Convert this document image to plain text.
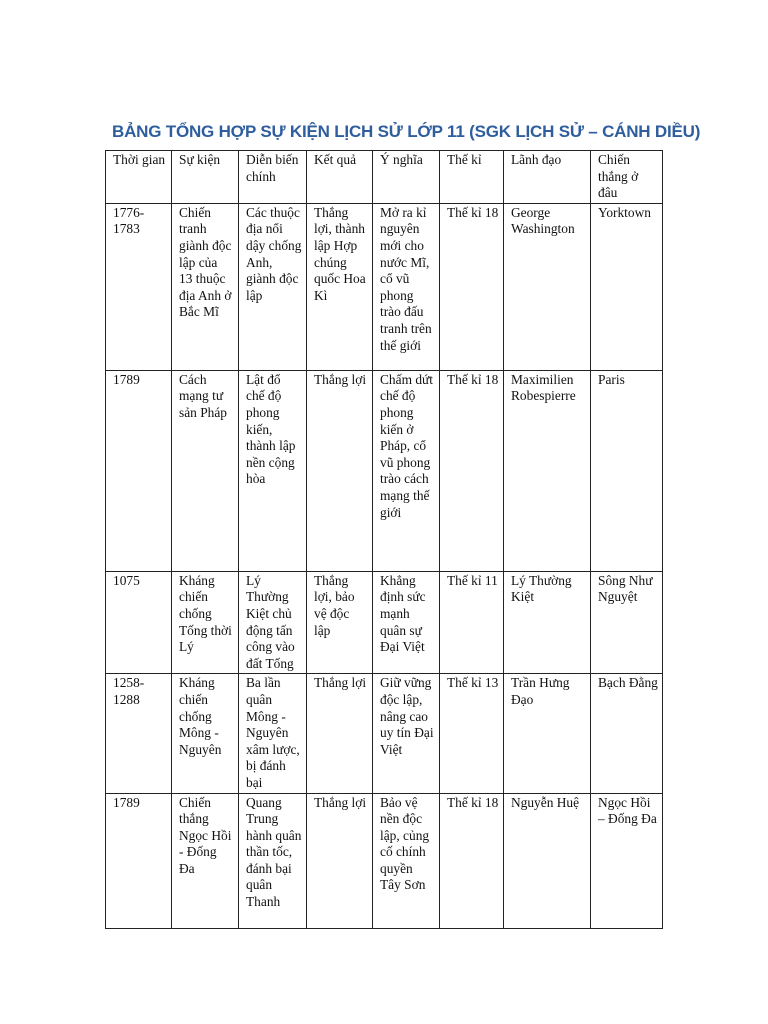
BẢNG TỔNG HỢP SỰ KIỆN LỊCH SỬ LỚP 11 (SGK LỊCH SỬ – CÁNH DIỀU)
Thời gian	Sự kiện	Diễn biến chính	Kết quả	Ý nghĩa	Thế kỉ	Lãnh đạo	Chiến thắng ở đâu
1776-1783	Chiến tranh giành độc lập của 13 thuộc địa Anh ở Bắc Mĩ	Các thuộc địa nổi dậy chống Anh, giành độc lập	Thắng lợi, thành lập Hợp chúng quốc Hoa Kì	Mở ra kỉ nguyên mới cho nước Mĩ, cổ vũ phong trào đấu tranh trên thế giới	Thế kỉ 18	George Washington	Yorktown
1789	Cách mạng tư sản Pháp	Lật đổ chế độ phong kiến, thành lập nền cộng hòa	Thắng lợi	Chấm dứt chế độ phong kiến ở Pháp, cổ vũ phong trào cách mạng thế giới	Thế kỉ 18	Maximilien Robespierre	Paris
1075	Kháng chiến chống Tống thời Lý	Lý Thường Kiệt chủ động tấn công vào đất Tống	Thắng lợi, bảo vệ độc lập	Khẳng định sức mạnh quân sự Đại Việt	Thế kỉ 11	Lý Thường Kiệt	Sông Như Nguyệt
1258-1288	Kháng chiến chống Mông - Nguyên	Ba lần quân Mông - Nguyên xâm lược, bị đánh bại	Thắng lợi	Giữ vững độc lập, nâng cao uy tín Đại Việt	Thế kỉ 13	Trần Hưng Đạo	Bạch Đằng
1789	Chiến thắng Ngọc Hồi - Đống Đa	Quang Trung hành quân thần tốc, đánh bại quân Thanh	Thắng lợi	Bảo vệ nền độc lập, củng cố chính quyền Tây Sơn	Thế kỉ 18	Nguyễn Huệ	Ngọc Hồi – Đống Đa
